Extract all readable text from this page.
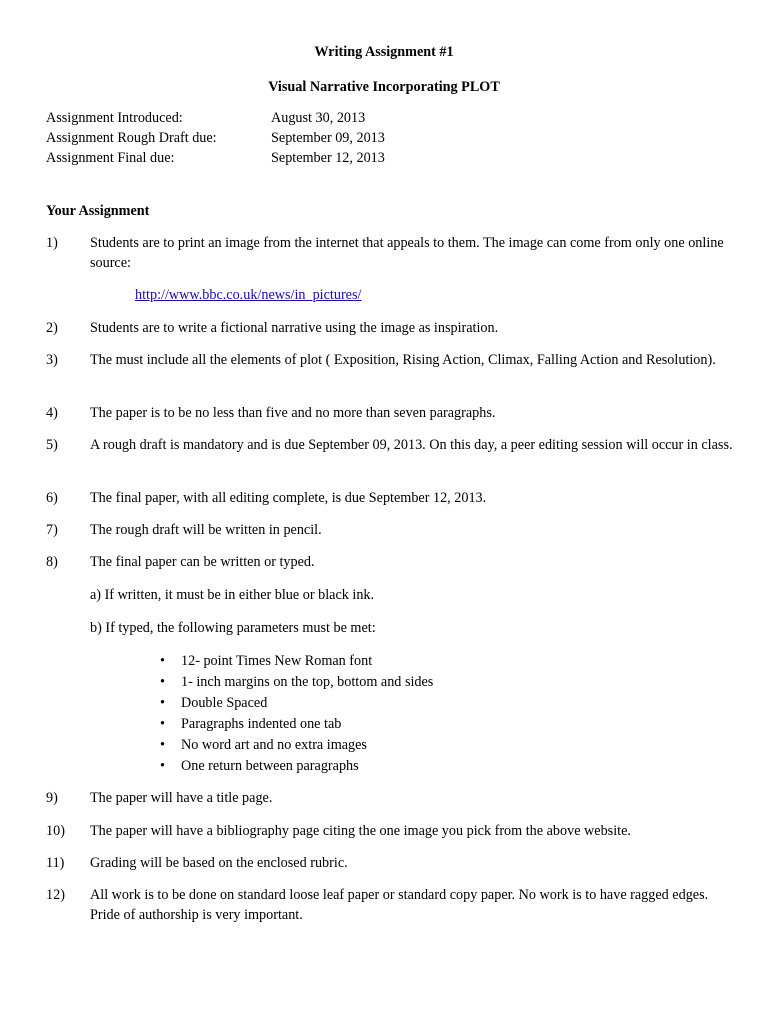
Writing Assignment #1
Visual Narrative Incorporating PLOT
Assignment Introduced:	August 30, 2013
Assignment Rough Draft due:	September 09, 2013
Assignment Final due:	September 12, 2013
Your Assignment
1) Students are to print an image from the internet that appeals to them. The image can come from only one online source:
http://www.bbc.co.uk/news/in_pictures/
2) Students are to write a fictional narrative using the image as inspiration.
3) The must include all the elements of plot ( Exposition, Rising Action, Climax, Falling Action and Resolution).
4) The paper is to be no less than five and no more than seven paragraphs.
5) A rough draft is mandatory and is due September 09, 2013. On this day, a peer editing session will occur in class.
6) The final paper, with all editing complete, is due September 12, 2013.
7) The rough draft will be written in pencil.
8) The final paper can be written or typed.
a) If written, it must be in either blue or black ink.
b) If typed, the following parameters must be met:
• 12- point Times New Roman font
• 1- inch margins on the top, bottom and sides
• Double Spaced
• Paragraphs indented one tab
• No word art and no extra images
• One return between paragraphs
9) The paper will have a title page.
10) The paper will have a bibliography page citing the one image you pick from the above website.
11) Grading will be based on the enclosed rubric.
12) All work is to be done on standard loose leaf paper or standard copy paper. No work is to have ragged edges. Pride of authorship is very important.
